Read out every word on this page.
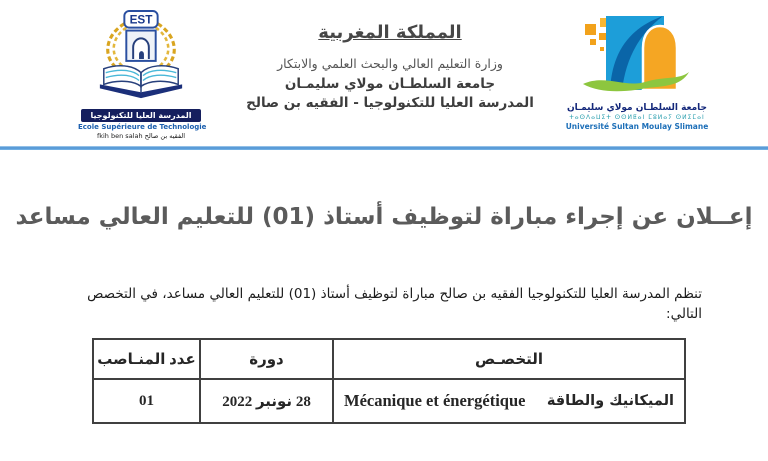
EST
المدرسة العليا للتكنولوجيا
Ecole Supérieure de Technologie
الفقيه بن صالح fkih ben salah
المملكة المغربية
وزارة التعليم العالي والبحث العلمي والابتكار
جامعة السلطـان مولاي سليمـان
المدرسة العليا للتكنولوجيا - الفقيه بن صالح	جامعة السلطـان مولاي سليمـان
ⵜⴰⵙⴷⴰⵡⵉⵜ ⵙⵙⵍⵟⴰⵏ ⵎⵓⵍⴰⵢ ⵙⵍⵉⵎⴰⵏ
Université Sultan Moulay Slimane
إعــلان عن إجراء مباراة لتوظيف أستاذ (01) للتعليم العالي مساعد
تنظم المدرسة العليا للتكنولوجيا الفقيه بن صالح مباراة لتوظيف أستاذ (01) للتعليم العالي مساعد، في التخصص التالي:
التخصـص	دورة	عدد المنـاصب

الميكانيك والطاقة
Mécanique et énergétique	28 نونبر 2022	01
